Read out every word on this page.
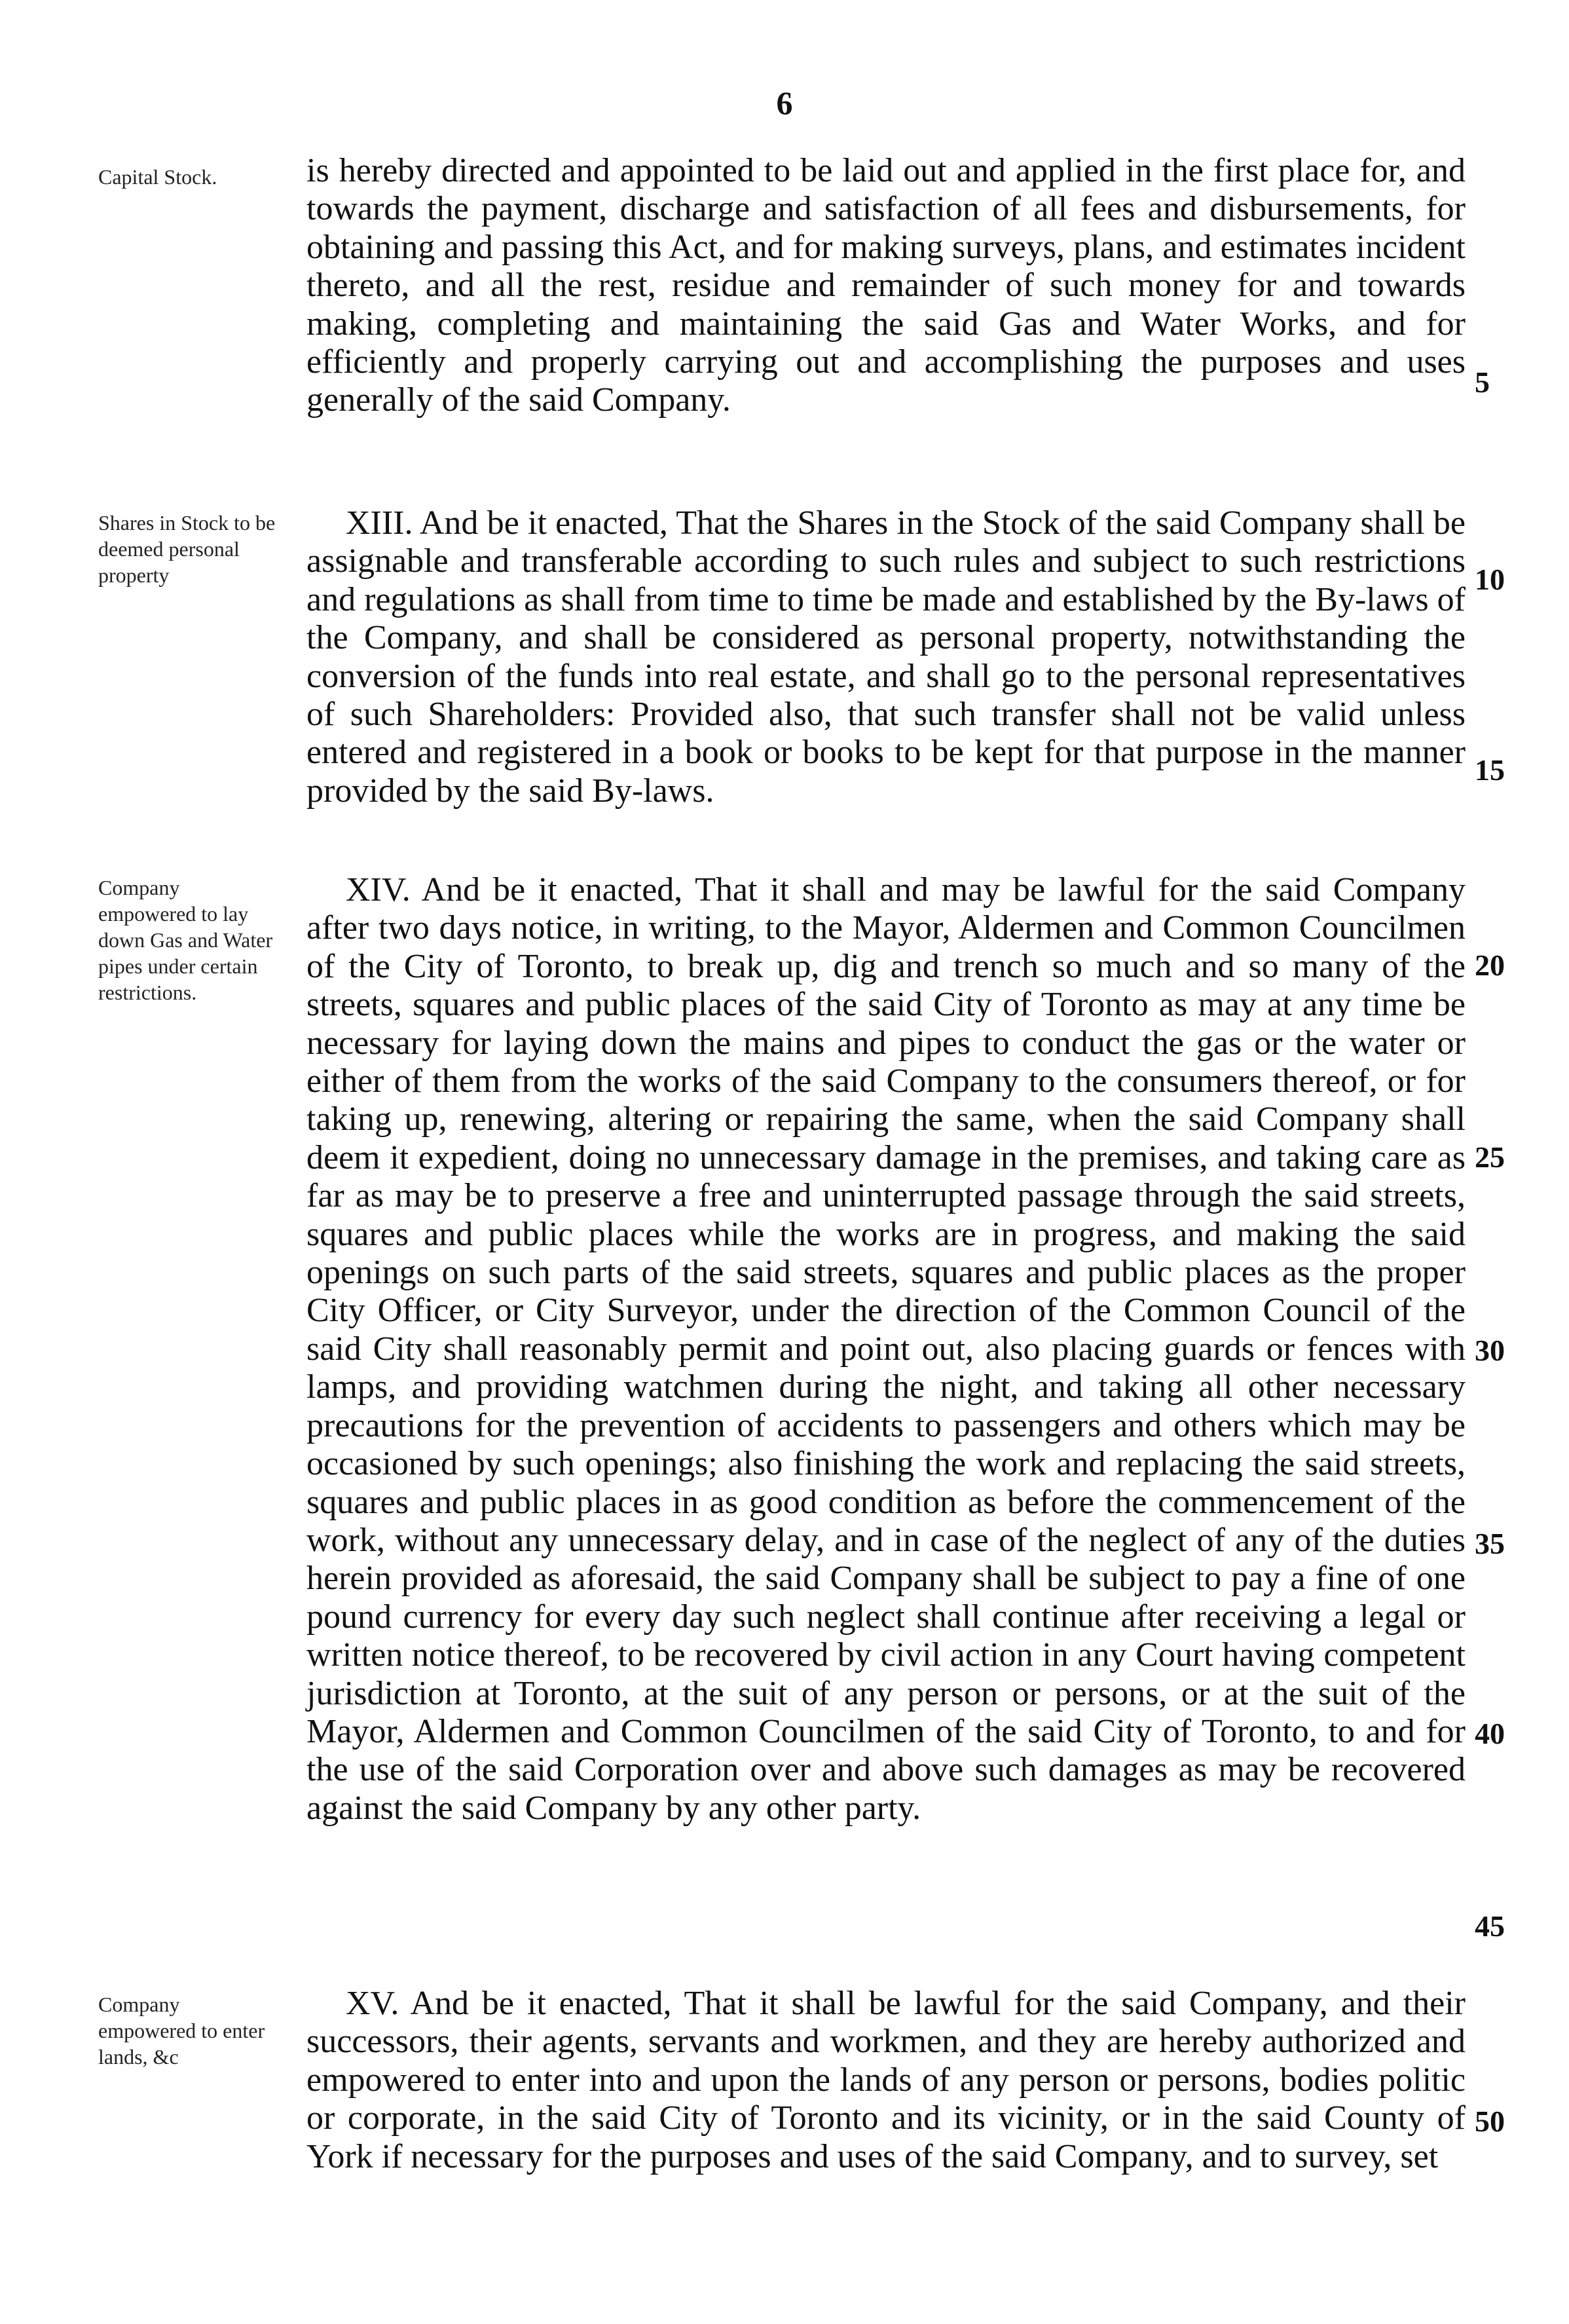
6
Capital Stock.	is hereby directed and appointed to be laid out and applied in the first place for, and towards the payment, discharge and satisfaction of all fees and disbursements, for obtaining and passing this Act, and for making surveys, plans, and estimates incident thereto, and all the rest, residue and remainder of such money for and towards making, completing and maintaining the said Gas and Water Works, and for efficiently and properly carrying out and accomplishing the purposes and uses generally of the said Company.

Shares in Stock to be deemed personal property

XIII. And be it enacted, That the Shares in the Stock of the said Company shall be assignable and transferable according to such rules and subject to such restrictions and regulations as shall from time to time be made and established by the By-laws of the Company, and shall be considered as personal property, notwithstanding the conversion of the funds into real estate, and shall go to the personal representatives of such Shareholders: Provided also, that such transfer shall not be valid unless entered and registered in a book or books to be kept for that purpose in the manner provided by the said By-laws.

Company empowered to lay down Gas and Water pipes under certain restrictions.

XIV. And be it enacted, That it shall and may be lawful for the said Company after two days notice, in writing, to the Mayor, Aldermen and Common Councilmen of the City of Toronto, to break up, dig and trench so much and so many of the streets, squares and public places of the said City of Toronto as may at any time be necessary for laying down the mains and pipes to conduct the gas or the water or either of them from the works of the said Company to the consumers thereof, or for taking up, renewing, altering or repairing the same, when the said Company shall deem it expedient, doing no unnecessary damage in the premises, and taking care as far as may be to preserve a free and uninterrupted passage through the said streets, squares and public places while the works are in progress, and making the said openings on such parts of the said streets, squares and public places as the proper City Officer, or City Surveyor, under the direction of the Common Council of the said City shall reasonably permit and point out, also placing guards or fences with lamps, and providing watchmen during the night, and taking all other necessary precautions for the prevention of accidents to passengers and others which may be occasioned by such openings; also finishing the work and replacing the said streets, squares and public places in as good condition as before the commencement of the work, without any unnecessary delay, and in case of the neglect of any of the duties herein provided as aforesaid, the said Company shall be subject to pay a fine of one pound currency for every day such neglect shall continue after receiving a legal or written notice thereof, to be recovered by civil action in any Court having competent jurisdiction at Toronto, at the suit of any person or persons, or at the suit of the Mayor, Aldermen and Common Councilmen of the said City of Toronto, to and for the use of the said Corporation over and above such damages as may be recovered against the said Company by any other party.

Company empowered to enter lands, &c

XV. And be it enacted, That it shall be lawful for the said Company, and their successors, their agents, servants and workmen, and they are hereby authorized and empowered to enter into and upon the lands of any person or persons, bodies politic or corporate, in the said City of Toronto and its vicinity, or in the said County of York if necessary for the purposes and uses of the said Company, and to survey, set

5
10
15
20
25
30
35
40
45
50
